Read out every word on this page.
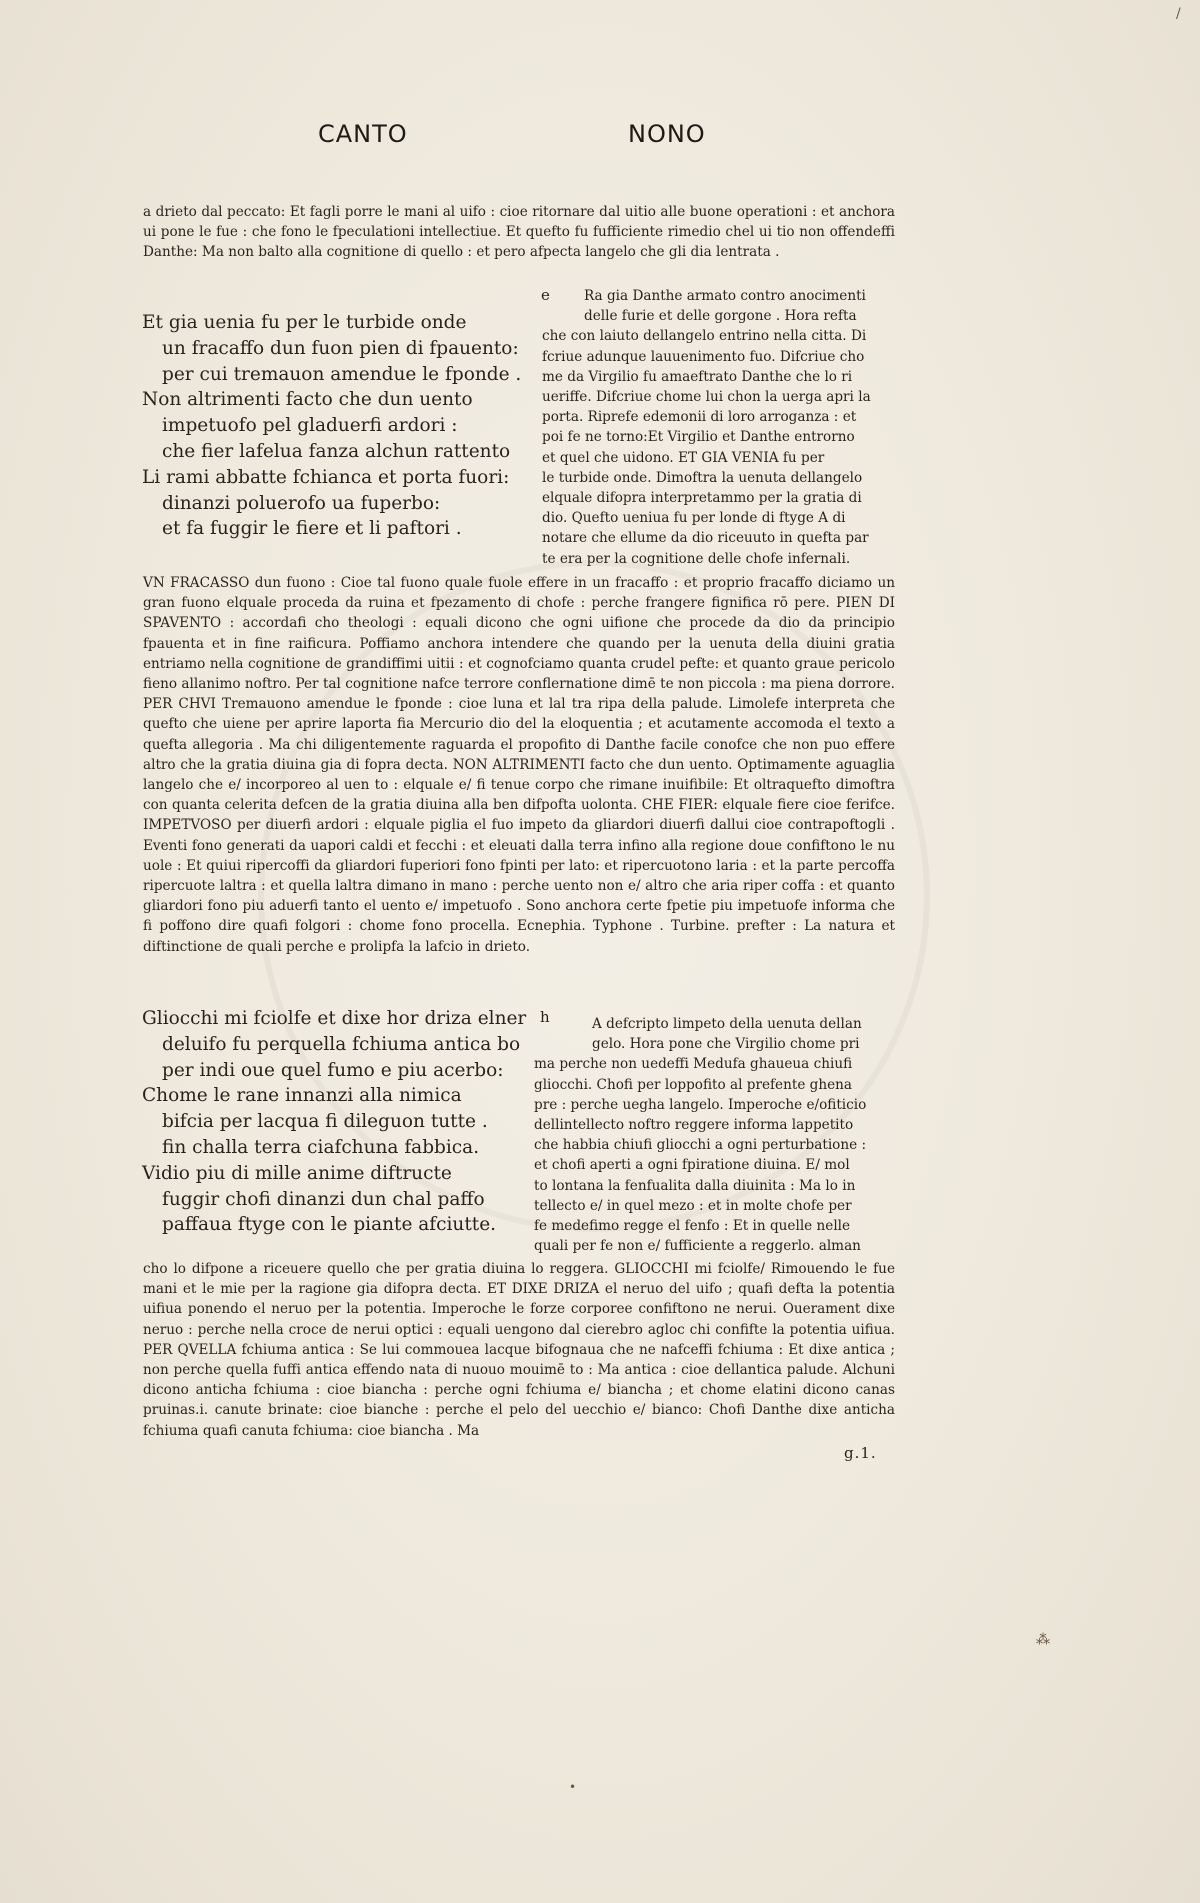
CANTO	NONO

a drieto dal peccato: Et fagli porre le mani al uifo : cioe ritornare dal uitio alle buone operationi : et anchora ui pone le fue : che fono le fpeculationi intellectiue. Et quefto fu fufficiente rimedio chel ui tio non offendeffi Danthe: Ma non balto alla cognitione di quello : et pero afpecta langelo che gli dia lentrata .

Et gia uenia fu per le turbide onde
un fracaffo dun fuon pien di fpauento:
per cui tremauon amendue le fponde .
Non altrimenti facto che dun uento
impetuofo pel gladuerfi ardori :
che fier lafelua fanza alchun rattento
Li rami abbatte fchianca et porta fuori:
dinanzi poluerofo ua fuperbo:
et fa fuggir le fiere et li paftori .
e	Ra gia Danthe armato contro anocimenti
delle furie et delle gorgone . Hora refta
che con laiuto dellangelo entrino nella citta. Di
fcriue adunque lauuenimento fuo. Difcriue cho
me da Virgilio fu amaeftrato Danthe che lo ri
ueriffe. Difcriue chome lui chon la uerga apri la
porta. Riprefe edemonii di loro arroganza : et
poi fe ne torno:Et Virgilio et Danthe entrorno
et quel che uidono. ET GIA VENIA fu per
le turbide onde. Dimoftra la uenuta dellangelo
elquale difopra interpretammo per la gratia di
dio. Quefto ueniua fu per londe di ftyge A di
notare che ellume da dio riceuuto in quefta par
te era per la cognitione delle chofe infernali.

VN FRACASSO dun fuono : Cioe tal fuono quale fuole effere in un fracaffo : et proprio fracaffo diciamo un gran fuono elquale proceda da ruina et fpezamento di chofe : perche frangere fignifica rō pere. PIEN DI SPAVENTO : accordafi cho theologi : equali dicono che ogni uifione che procede da dio da principio fpauenta et in fine raificura. Poffiamo anchora intendere che quando per la uenuta della diuini gratia entriamo nella cognitione de grandiffimi uitii : et cognofciamo quanta crudel pefte: et quanto graue pericolo fieno allanimo noftro. Per tal cognitione nafce terrore conflernatione dimē te non piccola : ma piena dorrore. PER CHVI Tremauono amendue le fponde : cioe luna et lal tra ripa della palude. Limolefe interpreta che quefto che uiene per aprire laporta fia Mercurio dio del la eloquentia ; et acutamente accomoda el texto a quefta allegoria . Ma chi diligentemente raguarda el propofito di Danthe facile conofce che non puo effere altro che la gratia diuina gia di fopra decta. NON ALTRIMENTI facto che dun uento. Optimamente aguaglia langelo che e/ incorporeo al uen to : elquale e/ fi tenue corpo che rimane inuifibile: Et oltraquefto dimoftra con quanta celerita defcen de la gratia diuina alla ben difpofta uolonta. CHE FIER: elquale fiere cioe ferifce. IMPETVOSO per diuerfi ardori : elquale piglia el fuo impeto da gliardori diuerfi dallui cioe contrapoftogli . Eventi fono generati da uapori caldi et fecchi : et eleuati dalla terra infino alla regione doue confiftono le nu uole : Et quiui ripercoffi da gliardori fuperiori fono fpinti per lato: et ripercuotono laria : et la parte percoffa ripercuote laltra : et quella laltra dimano in mano : perche uento non e/ altro che aria riper coffa : et quanto gliardori fono piu aduerfi tanto el uento e/ impetuofo . Sono anchora certe fpetie piu impetuofe informa che fi poffono dire quafi folgori : chome fono procella. Ecnephia. Typhone . Turbine. prefter : La natura et diftinctione de quali perche e prolipfa la lafcio in drieto.

Gliocchi mi fciolfe et dixe hor driza elner
deluifo fu perquella fchiuma antica bo
per indi oue quel fumo e piu acerbo:
Chome le rane innanzi alla nimica
bifcia per lacqua fi dileguon tutte .
fin challa terra ciafchuna fabbica.
Vidio piu di mille anime diftructe
fuggir chofi dinanzi dun chal paffo
paffaua ftyge con le piante afciutte.
h	A defcripto limpeto della uenuta dellan
gelo. Hora pone che Virgilio chome pri
ma perche non uedeffi Medufa ghaueua chiufi
gliocchi. Chofi per loppofito al prefente ghena
pre : perche uegha langelo. Imperoche e/ofiticio
dellintellecto noftro reggere informa lappetito
che habbia chiufi gliocchi a ogni perturbatione :
et chofi aperti a ogni fpiratione diuina. E/ mol
to lontana la fenfualita dalla diuinita : Ma lo in
tellecto e/ in quel mezo : et in molte chofe per
fe medefimo regge el fenfo : Et in quelle nelle
quali per fe non e/ fufficiente a reggerlo. alman

cho lo difpone a riceuere quello che per gratia diuina lo reggera. GLIOCCHI mi fciolfe/ Rimouendo le fue mani et le mie per la ragione gia difopra decta. ET DIXE DRIZA el neruo del uifo ; quafi defta la potentia uifiua ponendo el neruo per la potentia. Imperoche le forze corporee confiftono ne nerui. Ouerament dixe neruo : perche nella croce de nerui optici : equali uengono dal cierebro agloc chi confifte la potentia uifiua. PER QVELLA fchiuma antica : Se lui commouea lacque bifognaua che ne nafceffi fchiuma : Et dixe antica ; non perche quella fuffi antica effendo nata di nuouo mouimē to : Ma antica : cioe dellantica palude. Alchuni dicono anticha fchiuma : cioe biancha : perche ogni fchiuma e/ biancha ; et chome elatini dicono canas pruinas.i. canute brinate: cioe bianche : perche el pelo del uecchio e/ bianco: Chofi Danthe dixe anticha fchiuma quafi canuta fchiuma: cioe biancha . Ma

g.1.
•
⁂
/
